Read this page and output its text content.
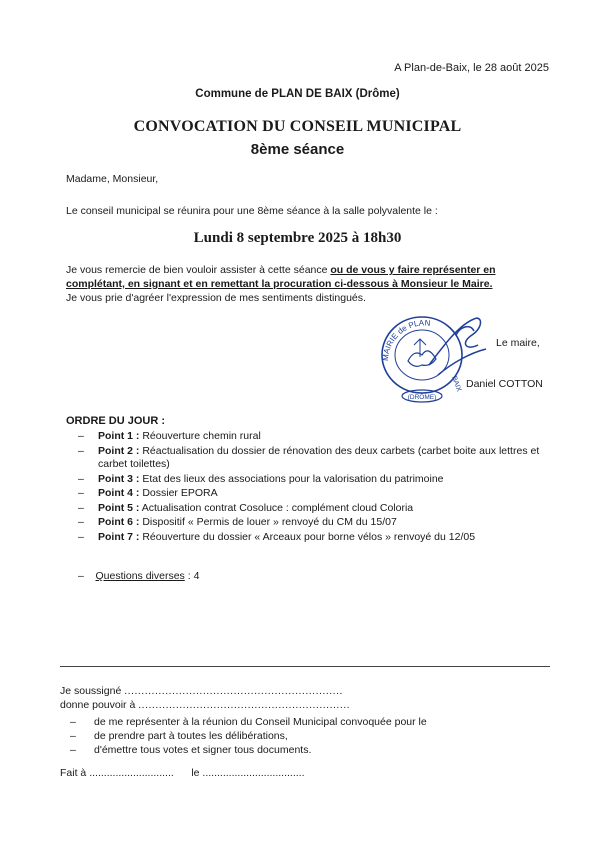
A Plan-de-Baix, le 28 août 2025
Commune de PLAN DE BAIX (Drôme)
CONVOCATION DU CONSEIL MUNICIPAL
8ème séance
Madame, Monsieur,
Le conseil municipal se réunira pour une 8ème séance à la salle polyvalente le :
Lundi 8 septembre 2025 à 18h30
Je vous remercie de bien vouloir assister à cette séance ou de vous y faire représenter en complétant, en signant et en remettant la procuration ci-dessous à Monsieur le Maire.
Je vous prie d'agréer l'expression de mes sentiments distingués.
MAIRIE de PLAN
BAIX
(DRÔME)
Le maire,
Daniel COTTON
ORDRE DU JOUR :
–	Point 1 : Réouverture chemin rural
–	Point 2 : Réactualisation du dossier de rénovation des deux carbets (carbet boite aux lettres et carbet toilettes)
–	Point 3 : Etat des lieux des associations pour la valorisation du patrimoine
–	Point 4 : Dossier EPORA
–	Point 5 : Actualisation contrat Cosoluce : complément cloud Coloria
–	Point 6 : Dispositif « Permis de louer » renvoyé du CM du 15/07
–	Point 7 : Réouverture du dossier « Arceaux pour borne vélos » renvoyé du 12/05
–    Questions diverses : 4
Je soussigné ................................................................
donne pouvoir à ..............................................................
–	de me représenter à la réunion du Conseil Municipal convoquée pour le
–	de prendre part à toutes les délibérations,
–	d'émettre tous votes et signer tous documents.
Fait à ............................. le ...................................
